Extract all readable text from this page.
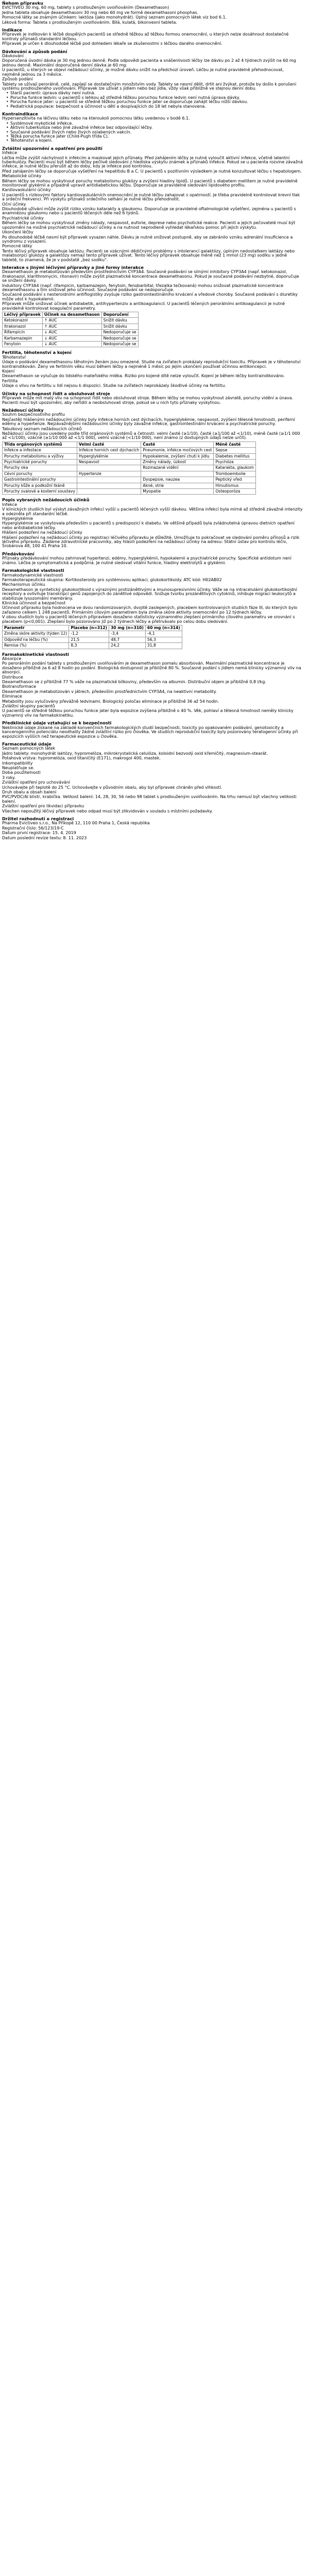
Ňehom přípravku
EVICTIVEO 30 mg, 60 mg, tablety s prodlouženým uvolňováním (Dexamethason)
Jedna tableta obsahuje dexamethasoni 30 mg nebo 60 mg ve formě dexamethasoni phosphas.
Pomocné látky se známým účinkem: laktóza (jako monohydrát). Úplný seznam pomocných látek viz bod 6.1.
Léková forma: Tableta s prodlouženým uvolňováním. Bílá, kulatá, bikonvexní tableta.
Indikace
Přípravek je indikován k léčbě dospělých pacientů se středně těžkou až těžkou formou onemocnění, u kterých nelze dosáhnout dostatečné kontroly příznaků standardní léčbou.
Přípravek je určen k dlouhodobé léčbě pod dohledem lékaře se zkušenostmi s léčbou daného onemocnění.
Dávkování a způsob podání
Dávkování
Doporučená úvodní dávka je 30 mg jednou denně. Podle odpovědi pacienta a snášenlivosti léčby lze dávku po 2 až 4 týdnech zvýšit na 60 mg jednou denně. Maximální doporučená denní dávka je 60 mg.
U pacientů, u kterých se objeví nežádoucí účinky, je možné dávku snížit na předchozí úroveň. Léčbu je nutné pravidelně přehodnocovat, nejméně jednou za 3 měsíce.
Způsob podání
Tablety se užívají perorálně, celé, zapíjejí se dostatečným množstvím vody. Tablety se nesmí dělit, drtit ani žvýkat, protože by došlo k porušení systému prodlouženého uvolňování. Přípravek lze užívat s jídlem nebo bez jídla, vždy však přibližně ve stejnou denní dobu.
• Starší pacienti: úprava dávky není nutná.
• Porucha funkce ledvin: u pacientů s lehkou až středně těžkou poruchou funkce ledvin není nutná úprava dávky.
• Porucha funkce jater: u pacientů se středně těžkou poruchou funkce jater se doporučuje zahájit léčbu nižší dávkou.
• Pediatrická populace: bezpečnost a účinnost u dětí a dospívajících do 18 let nebyla stanovena.
Kontraindikace
Hypersenzitivita na léčivou látku nebo na kteroukoli pomocnou látku uvedenou v bodě 6.1.
• Systémové mykotické infekce.
• Aktivní tuberkulóza nebo jiné závažné infekce bez odpovídající léčby.
• Současné podávání živých nebo živých oslabených vakcín.
• Těžká porucha funkce jater (Child-Pugh třída C).
• Těhotenství a kojení.
Zvláštní upozornění a opatření pro použití
Infekce
Léčba může zvýšit náchylnost k infekcím a maskovat jejich příznaky. Před zahájením léčby je nutné vyloučit aktivní infekce, včetně latentní tuberkulózy. Pacienti musí být během léčby pečlivě sledováni z hlediska výskytu známek a příznaků infekce. Pokud se u pacienta rozvine závažná infekce, je nutné léčbu přerušit až do doby, kdy je infekce pod kontrolou.
Před zahájením léčby se doporučuje vyšetření na hepatitidu B a C. U pacientů s pozitivním výsledkem je nutné konzultovat léčbu s hepatologem.
Metabolické účinky
Během léčby se mohou vyskytnout poruchy metabolismu glukózy a zvýšení hladiny lipidů. U pacientů s diabetem mellitem je nutné pravidelně monitorovat glykémii a případně upravit antidiabetickou léčbu. Doporučuje se pravidelné sledování lipidového profilu.
Kardiovaskulární účinky
U pacientů s rizikovými faktory kardiovaskulárních onemocnění je nutné léčbu zahajovat s opatrností. Je třeba pravidelně kontrolovat krevní tlak a srdeční frekvenci. Při výskytu příznaků srdečního selhání je nutné léčbu přehodnotit.
Oční účinky
Dlouhodobé užívání může zvýšit riziko vzniku katarakty a glaukomu. Doporučuje se pravidelné oftalmologické vyšetření, zejména u pacientů s anamnézou glaukomu nebo u pacientů léčených déle než 6 týdnů.
Psychiatrické účinky
Během léčby se mohou vyskytnout změny nálady, nespavost, euforie, deprese nebo psychotické reakce. Pacienti a jejich pečovatelé musí být upozorněni na možné psychiatrické nežádoucí účinky a na nutnost neprodleně vyhledat lékařskou pomoc při jejich výskytu.
Ukončení léčby
Po dlouhodobé léčbě nesmí být přípravek vysazen náhle. Dávku je nutné snižovat postupně, aby se zabránilo vzniku adrenální insuficience a syndromu z vysazení.
Pomocné látky
Tento léčivý přípravek obsahuje laktózu. Pacienti se vzácnými dědičnými problémy s intolerancí galaktózy, úplným nedostatkem laktázy nebo malabsorpcí glukózy a galaktózy nemají tento přípravek užívat. Tento léčivý přípravek obsahuje méně než 1 mmol (23 mg) sodíku v jedné tabletě, to znamená, že je v podstatě „bez sodíku“.
Interakce s jinými léčivými přípravky a jiné formy interakce
Dexamethason je metabolizován především prostřednictvím CYP3A4. Současné podávání se silnými inhibitory CYP3A4 (např. ketokonazol, itrakonazol, klarithromycin, ritonavir) může zvýšit plazmatické koncentrace dexamethasonu. Pokud je současné podávání nezbytné, doporučuje se snížení dávky.
Induktory CYP3A4 (např. rifampicin, karbamazepin, fenytoin, fenobarbital, třezalka tečkovaná) mohou snižovat plazmatické koncentrace dexamethasonu a tím snižovat jeho účinnost. Současné podávání se nedoporučuje.
Současné podávání s nesteroidními antiflogistiky zvyšuje riziko gastrointestinálního krvácení a vředové choroby. Současné podávání s diuretiky může vést k hypokalemii.
Přípravek může snižovat účinek antidiabetik, antihypertenziv a antikoagulancií. U pacientů léčených perorálními antikoagulancii je nutné pravidelně kontrolovat koagulační parametry.
Léčivý přípravek	Účinek na dexamethason	Doporučení
Ketokonazol	↑ AUC	Snížit dávku
Itrakonazol	↑ AUC	Snížit dávku
Rifampicin	↓ AUC	Nedoporučuje se
Karbamazepin	↓ AUC	Nedoporučuje se
Fenytoin	↓ AUC	Nedoporučuje se
Fertilita, těhotenství a kojení
Těhotenství
Údaje o podávání dexamethasonu těhotným ženám jsou omezené. Studie na zvířatech prokázaly reprodukční toxicitu. Přípravek je v těhotenství kontraindikován. Ženy ve fertilním věku musí během léčby a nejméně 1 měsíc po jejím ukončení používat účinnou antikoncepci.
Kojení
Dexamethason se vylučuje do lidského mateřského mléka. Riziko pro kojené dítě nelze vyloučit. Kojení je během léčby kontraindikováno.
Fertilita
Údaje o vlivu na fertilitu u lidí nejsou k dispozici. Studie na zvířatech neprokázaly škodlivé účinky na fertilitu.
Účinky na schopnost řídit a obsluhovat stroje
Přípravek může mít malý vliv na schopnost řídit nebo obsluhovat stroje. Během léčby se mohou vyskytnout závratě, poruchy vidění a únava. Pacienti musí být upozorněni, aby neřídili a neobsluhovali stroje, pokud se u nich tyto příznaky vyskytnou.
Nežádoucí účinky
Souhrn bezpečnostního profilu
Nejčastěji hlášenými nežádoucími účinky byly infekce horních cest dýchacích, hyperglykémie, nespavost, zvýšení tělesné hmotnosti, periferní edémy a hypertenze. Nejzávažnějšími nežádoucími účinky byly závažné infekce, gastrointestinální krvácení a psychiatrické poruchy.
Tabulkový seznam nežádoucích účinků
Nežádoucí účinky jsou uvedeny podle tříd orgánových systémů a četnosti: velmi časté (≥1/10), časté (≥1/100 až <1/10), méně časté (≥1/1 000 až <1/100), vzácné (≥1/10 000 až <1/1 000), velmi vzácné (<1/10 000), není známo (z dostupných údajů nelze určit).
Třída orgánových systémů	Velmi časté	Časté	Méně časté
Infekce a infestace	Infekce horních cest dýchacích	Pneumonie, infekce močových cest	Sepse
Poruchy metabolismu a výživy	Hyperglykémie	Hypokalemie, zvýšení chuti k jídlu	Diabetes mellitus
Psychiatrické poruchy	Nespavost	Změny nálady, úzkost	Psychóza
Poruchy oka		Rozmazané vidění	Katarakta, glaukom
Cévní poruchy	Hypertenze		Tromboembolie
Gastrointestinální poruchy		Dyspepsie, nauzea	Peptický vřed
Poruchy kůže a podkožní tkáně		Akné, strie	Hirsutismus
Poruchy svalové a kosterní soustavy		Myopatie	Osteoporóza
Popis vybraných nežádoucích účinků
Infekce
V klinických studiích byl výskyt závažných infekcí vyšší u pacientů léčených vyšší dávkou. Většina infekcí byla mírné až středně závažné intenzity a odezněla při standardní léčbě.
Hyperglykémie
Hyperglykémie se vyskytovala především u pacientů s predispozicí k diabetu. Ve většině případů byla zvládnutelná úpravou dietních opatření nebo antidiabetické léčby.
Hlášení podezření na nežádoucí účinky
Hlášení podezření na nežádoucí účinky po registraci léčivého přípravku je důležité. Umožňuje to pokračovat ve sledování poměru přínosů a rizik léčivého přípravku. Žádáme zdravotnické pracovníky, aby hlásili podezření na nežádoucí účinky na adresu: Státní ústav pro kontrolu léčiv, Šrobárova 48, 100 41 Praha 10.
Předávkování
Příznaky předávkování mohou zahrnovat hypertenzi, edémy, hyperglykémii, hypokalemii a psychiatrické poruchy. Specifické antidotum není známo. Léčba je symptomatická a podpůrná. Je nutné sledovat vitální funkce, hladiny elektrolytů a glykémii.
Farmakologické vlastnosti
Farmakodynamické vlastnosti
Farmakoterapeutická skupina: Kortikosteroidy pro systémovou aplikaci, glukokortikoidy. ATC kód: H02AB02
Mechanismus účinku
Dexamethason je syntetický glukokortikoid s výraznými protizánětlivými a imunosupresivními účinky. Váže se na intracelulární glukokortikoidní receptory a ovlivňuje transkripci genů zapojených do zánětlivé odpovědi. Snižuje tvorbu prozánětlivých cytokinů, inhibuje migraci leukocytů a stabilizuje lysozomální membrány.
Klinická účinnost a bezpečnost
Účinnost přípravku byla hodnocena ve dvou randomizovaných, dvojitě zaslepených, placebem kontrolovaných studiích fáze III, do kterých bylo zařazeno celkem 1 248 pacientů. Primárním cílovým parametrem byla změna skóre aktivity onemocnění po 12 týdnech léčby.
V obou studiích bylo u pacientů léčených přípravkem dosaženo statisticky významného zlepšení primárního cílového parametru ve srovnání s placebem (p<0,001). Zlepšení bylo pozorováno již po 2 týdnech léčby a přetrvávalo po celou dobu sledování.
Parametr	Placebo (n=312)	30 mg (n=310)	60 mg (n=314)
Změna skóre aktivity (týden 12)	-1,2	-3,4	-4,1
Odpověď na léčbu (%)	21,5	48,7	56,3
Remise (%)	8,3	24,2	31,8
Farmakokinetické vlastnosti
Absorpce
Po perorálním podání tablety s prodlouženým uvolňováním je dexamethason pomalu absorbován. Maximální plazmatické koncentrace je dosaženo přibližně za 6 až 8 hodin po podání. Biologická dostupnost je přibližně 80 %. Současné podání s jídlem nemá klinicky významný vliv na absorpci.
Distribuce
Dexamethason se z přibližně 77 % váže na plazmatické bílkoviny, především na albumin. Distribuční objem je přibližně 0,8 l/kg.
Biotransformace
Dexamethason je metabolizován v játrech, především prostřednictvím CYP3A4, na neaktivní metabolity.
Eliminace
Metabolity jsou vylučovány převážně ledvinami. Biologický poločas eliminace je přibližně 36 až 54 hodin.
Zvláštní skupiny pacientů
U pacientů se středně těžkou poruchou funkce jater byla expozice zvýšena přibližně o 40 %. Věk, pohlaví a tělesná hmotnost neměly klinicky významný vliv na farmakokinetiku.
Předklinické údaje vztahující se k bezpečnosti
Neklinické údaje získané na základě konvenčních farmakologických studií bezpečnosti, toxicity po opakovaném podávání, genotoxicity a kancerogenního potenciálu neodhalily žádné zvláštní riziko pro člověka. Ve studiích reprodukční toxicity byly pozorovány teratogenní účinky při expozicích vyšších než terapeutické expozice u člověka.
Farmaceutické údaje
Seznam pomocných látek
Jádro tablety: monohydrát laktózy, hypromelóza, mikrokrystalická celulóza, koloidní bezvodý oxid křemičitý, magnesium-stearát.
Potahová vrstva: hypromelóza, oxid titaničitý (E171), makrogol 400, mastek.
Inkompatibility
Neuplatňuje se.
Doba použitelnosti
3 roky.
Zvláštní opatření pro uchovávání
Uchovávejte při teplotě do 25 °C. Uchovávejte v původním obalu, aby byl přípravek chráněn před vlhkostí.
Druh obalu a obsah balení
PVC/PVDC/Al blistr, krabička. Velikost balení: 14, 28, 30, 56 nebo 98 tablet s prodlouženým uvolňováním. Na trhu nemusí být všechny velikosti balení.
Zvláštní opatření pro likvidaci přípravku
Všechen nepoužitý léčivý přípravek nebo odpad musí být zlikvidován v souladu s místními požadavky.
Držitel rozhodnutí o registraci
Pharma Evictiveo s.r.o., Na Příkopě 12, 110 00 Praha 1, Česká republika
Registrační číslo: 56/123/19-C
Datum první registrace: 15. 4. 2019
Datum poslední revize textu: 8. 11. 2023
